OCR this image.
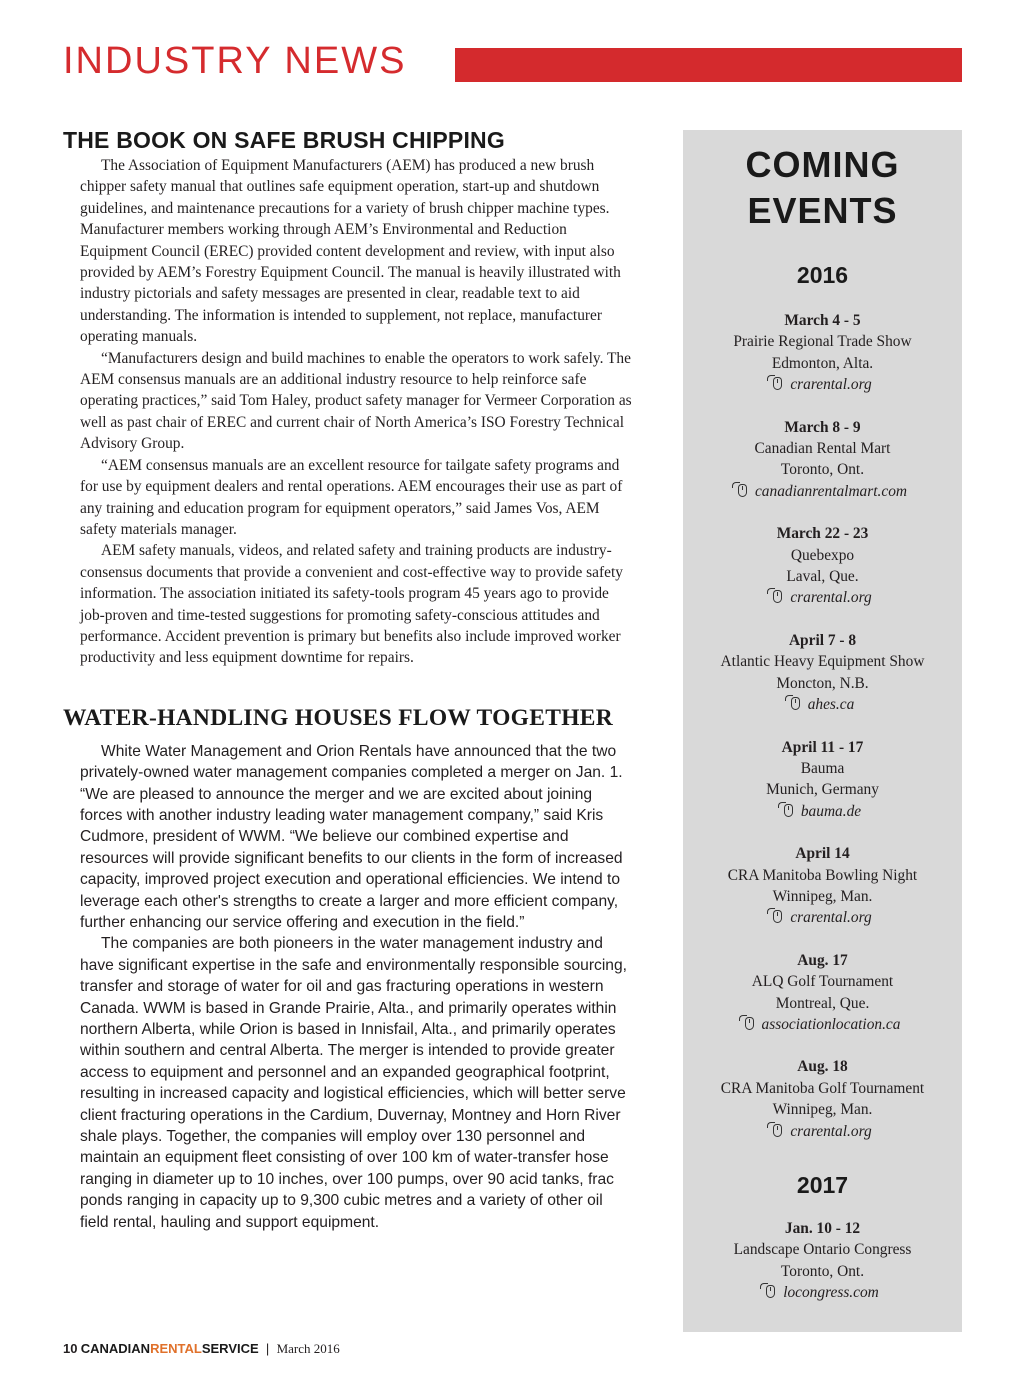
INDUSTRY NEWS
THE BOOK ON SAFE BRUSH CHIPPING

The Association of Equipment Manufacturers (AEM) has produced a new brush chipper safety manual that outlines safe equipment operation, start-up and shutdown guidelines, and maintenance precautions for a variety of brush chipper machine types. Manufacturer members working through AEM’s Environmental and Reduction Equipment Council (EREC) provided content development and review, with input also provided by AEM’s Forestry Equipment Council. The manual is heavily illustrated with industry pictorials and safety messages are presented in clear, readable text to aid understanding. The information is intended to supplement, not replace, manufacturer operating manuals.

“Manufacturers design and build machines to enable the operators to work safely. The AEM consensus manuals are an additional industry resource to help reinforce safe operating practices,” said Tom Haley, product safety manager for Vermeer Corporation as well as past chair of EREC and current chair of North America’s ISO Forestry Technical Advisory Group.

“AEM consensus manuals are an excellent resource for tailgate safety programs and for use by equipment dealers and rental operations. AEM encourages their use as part of any training and education program for equipment operators,” said James Vos, AEM safety materials manager.

AEM safety manuals, videos, and related safety and training products are industry-consensus documents that provide a convenient and cost-effective way to provide safety information. The association initiated its safety-tools program 45 years ago to provide job-proven and time-tested suggestions for promoting safety-conscious attitudes and performance. Accident prevention is primary but benefits also include improved worker productivity and less equipment downtime for repairs.

WATER-HANDLING HOUSES FLOW TOGETHER

White Water Management and Orion Rentals have announced that the two privately-owned water management companies completed a merger on Jan. 1. “We are pleased to announce the merger and we are excited about joining forces with another industry leading water management company,” said Kris Cudmore, president of WWM. “We believe our combined expertise and resources will provide significant benefits to our clients in the form of increased capacity, improved project execution and operational efficiencies. We intend to leverage each other's strengths to create a larger and more efficient company, further enhancing our service offering and execution in the field.”

The companies are both pioneers in the water management industry and have significant expertise in the safe and environmentally responsible sourcing, transfer and storage of water for oil and gas fracturing operations in western Canada. WWM is based in Grande Prairie, Alta., and primarily operates within northern Alberta, while Orion is based in Innisfail, Alta., and primarily operates within southern and central Alberta. The merger is intended to provide greater access to equipment and personnel and an expanded geographical footprint, resulting in increased capacity and logistical efficiencies, which will better serve client fracturing operations in the Cardium, Duvernay, Montney and Horn River shale plays. Together, the companies will employ over 130 personnel and maintain an equipment fleet consisting of over 100 km of water-transfer hose ranging in diameter up to 10 inches, over 100 pumps, over 90 acid tanks, frac ponds ranging in capacity up to 9,300 cubic metres and a variety of other oil field rental, hauling and support equipment.

10 CANADIANRENTALSERVICE | March 2016
COMING
EVENTS
2016
March 4 - 5
Prairie Regional Trade Show
Edmonton, Alta.
crarental.org
March 8 - 9
Canadian Rental Mart
Toronto, Ont.
canadianrentalmart.com
March 22 - 23
Quebexpo
Laval, Que.
crarental.org
April 7 - 8
Atlantic Heavy Equipment Show
Moncton, N.B.
ahes.ca
April 11 - 17
Bauma
Munich, Germany
bauma.de
April 14
CRA Manitoba Bowling Night
Winnipeg, Man.
crarental.org
Aug. 17
ALQ Golf Tournament
Montreal, Que.
associationlocation.ca
Aug. 18
CRA Manitoba Golf Tournament
Winnipeg, Man.
crarental.org
2017
Jan. 10 - 12
Landscape Ontario Congress
Toronto, Ont.
locongress.com
